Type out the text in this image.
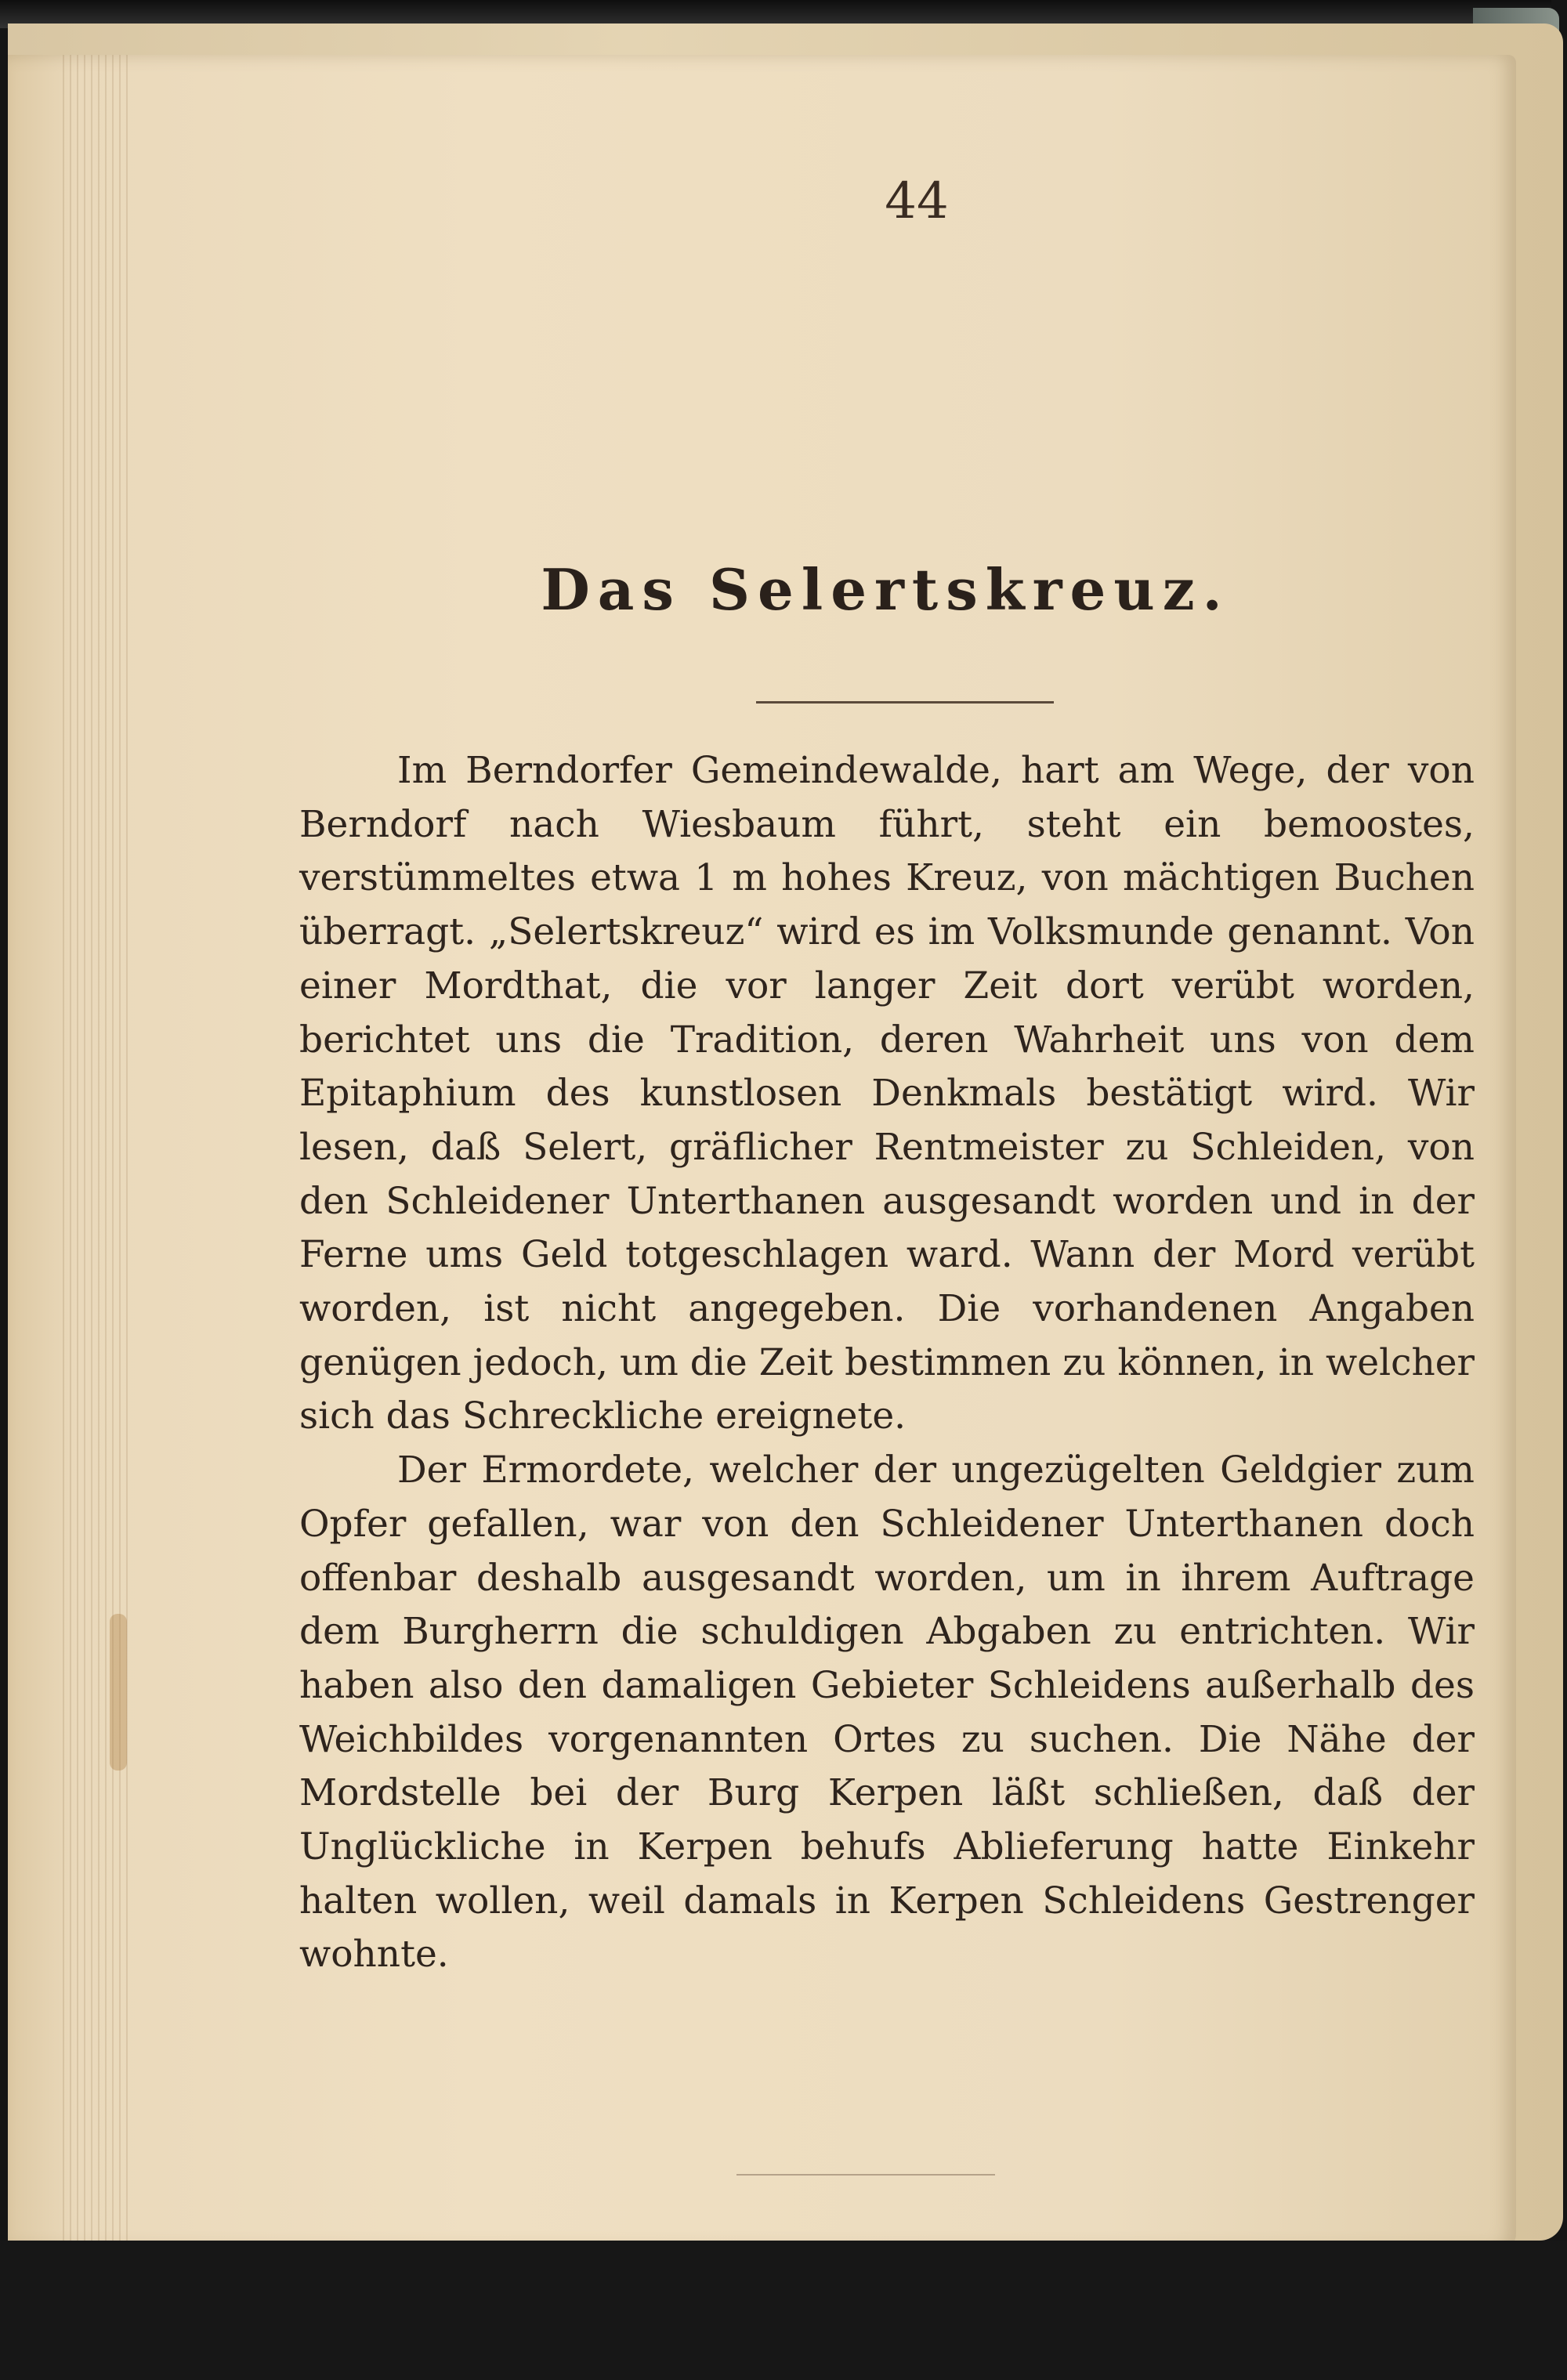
44
Das Selertskreuz.

Im Berndorfer Gemeindewalde, hart am Wege, der von Berndorf nach Wiesbaum führt, steht ein bemoostes, verstümmeltes etwa 1 m hohes Kreuz, von mächtigen Buchen überragt. „Selertskreuz“ wird es im Volksmunde genannt. Von einer Mordthat, die vor langer Zeit dort verübt worden, berichtet uns die Tradition, deren Wahrheit uns von dem Epitaphium des kunstlosen Denkmals bestätigt wird. Wir lesen, daß Selert, gräflicher Rentmeister zu Schleiden, von den Schleidener Unterthanen ausgesandt worden und in der Ferne ums Geld totgeschlagen ward. Wann der Mord verübt worden, ist nicht angegeben. Die vorhandenen Angaben genügen jedoch, um die Zeit bestimmen zu können, in welcher sich das Schreckliche ereignete.

Der Ermordete, welcher der ungezügelten Geldgier zum Opfer gefallen, war von den Schleidener Unterthanen doch offenbar deshalb ausgesandt worden, um in ihrem Auftrage dem Burgherrn die schuldigen Abgaben zu entrichten. Wir haben also den damaligen Gebieter Schleidens außerhalb des Weichbildes vorgenannten Ortes zu suchen. Die Nähe der Mordstelle bei der Burg Kerpen läßt schließen, daß der Unglückliche in Kerpen behufs Ablieferung hatte Einkehr halten wollen, weil damals in Kerpen Schleidens Gestrenger wohnte.
